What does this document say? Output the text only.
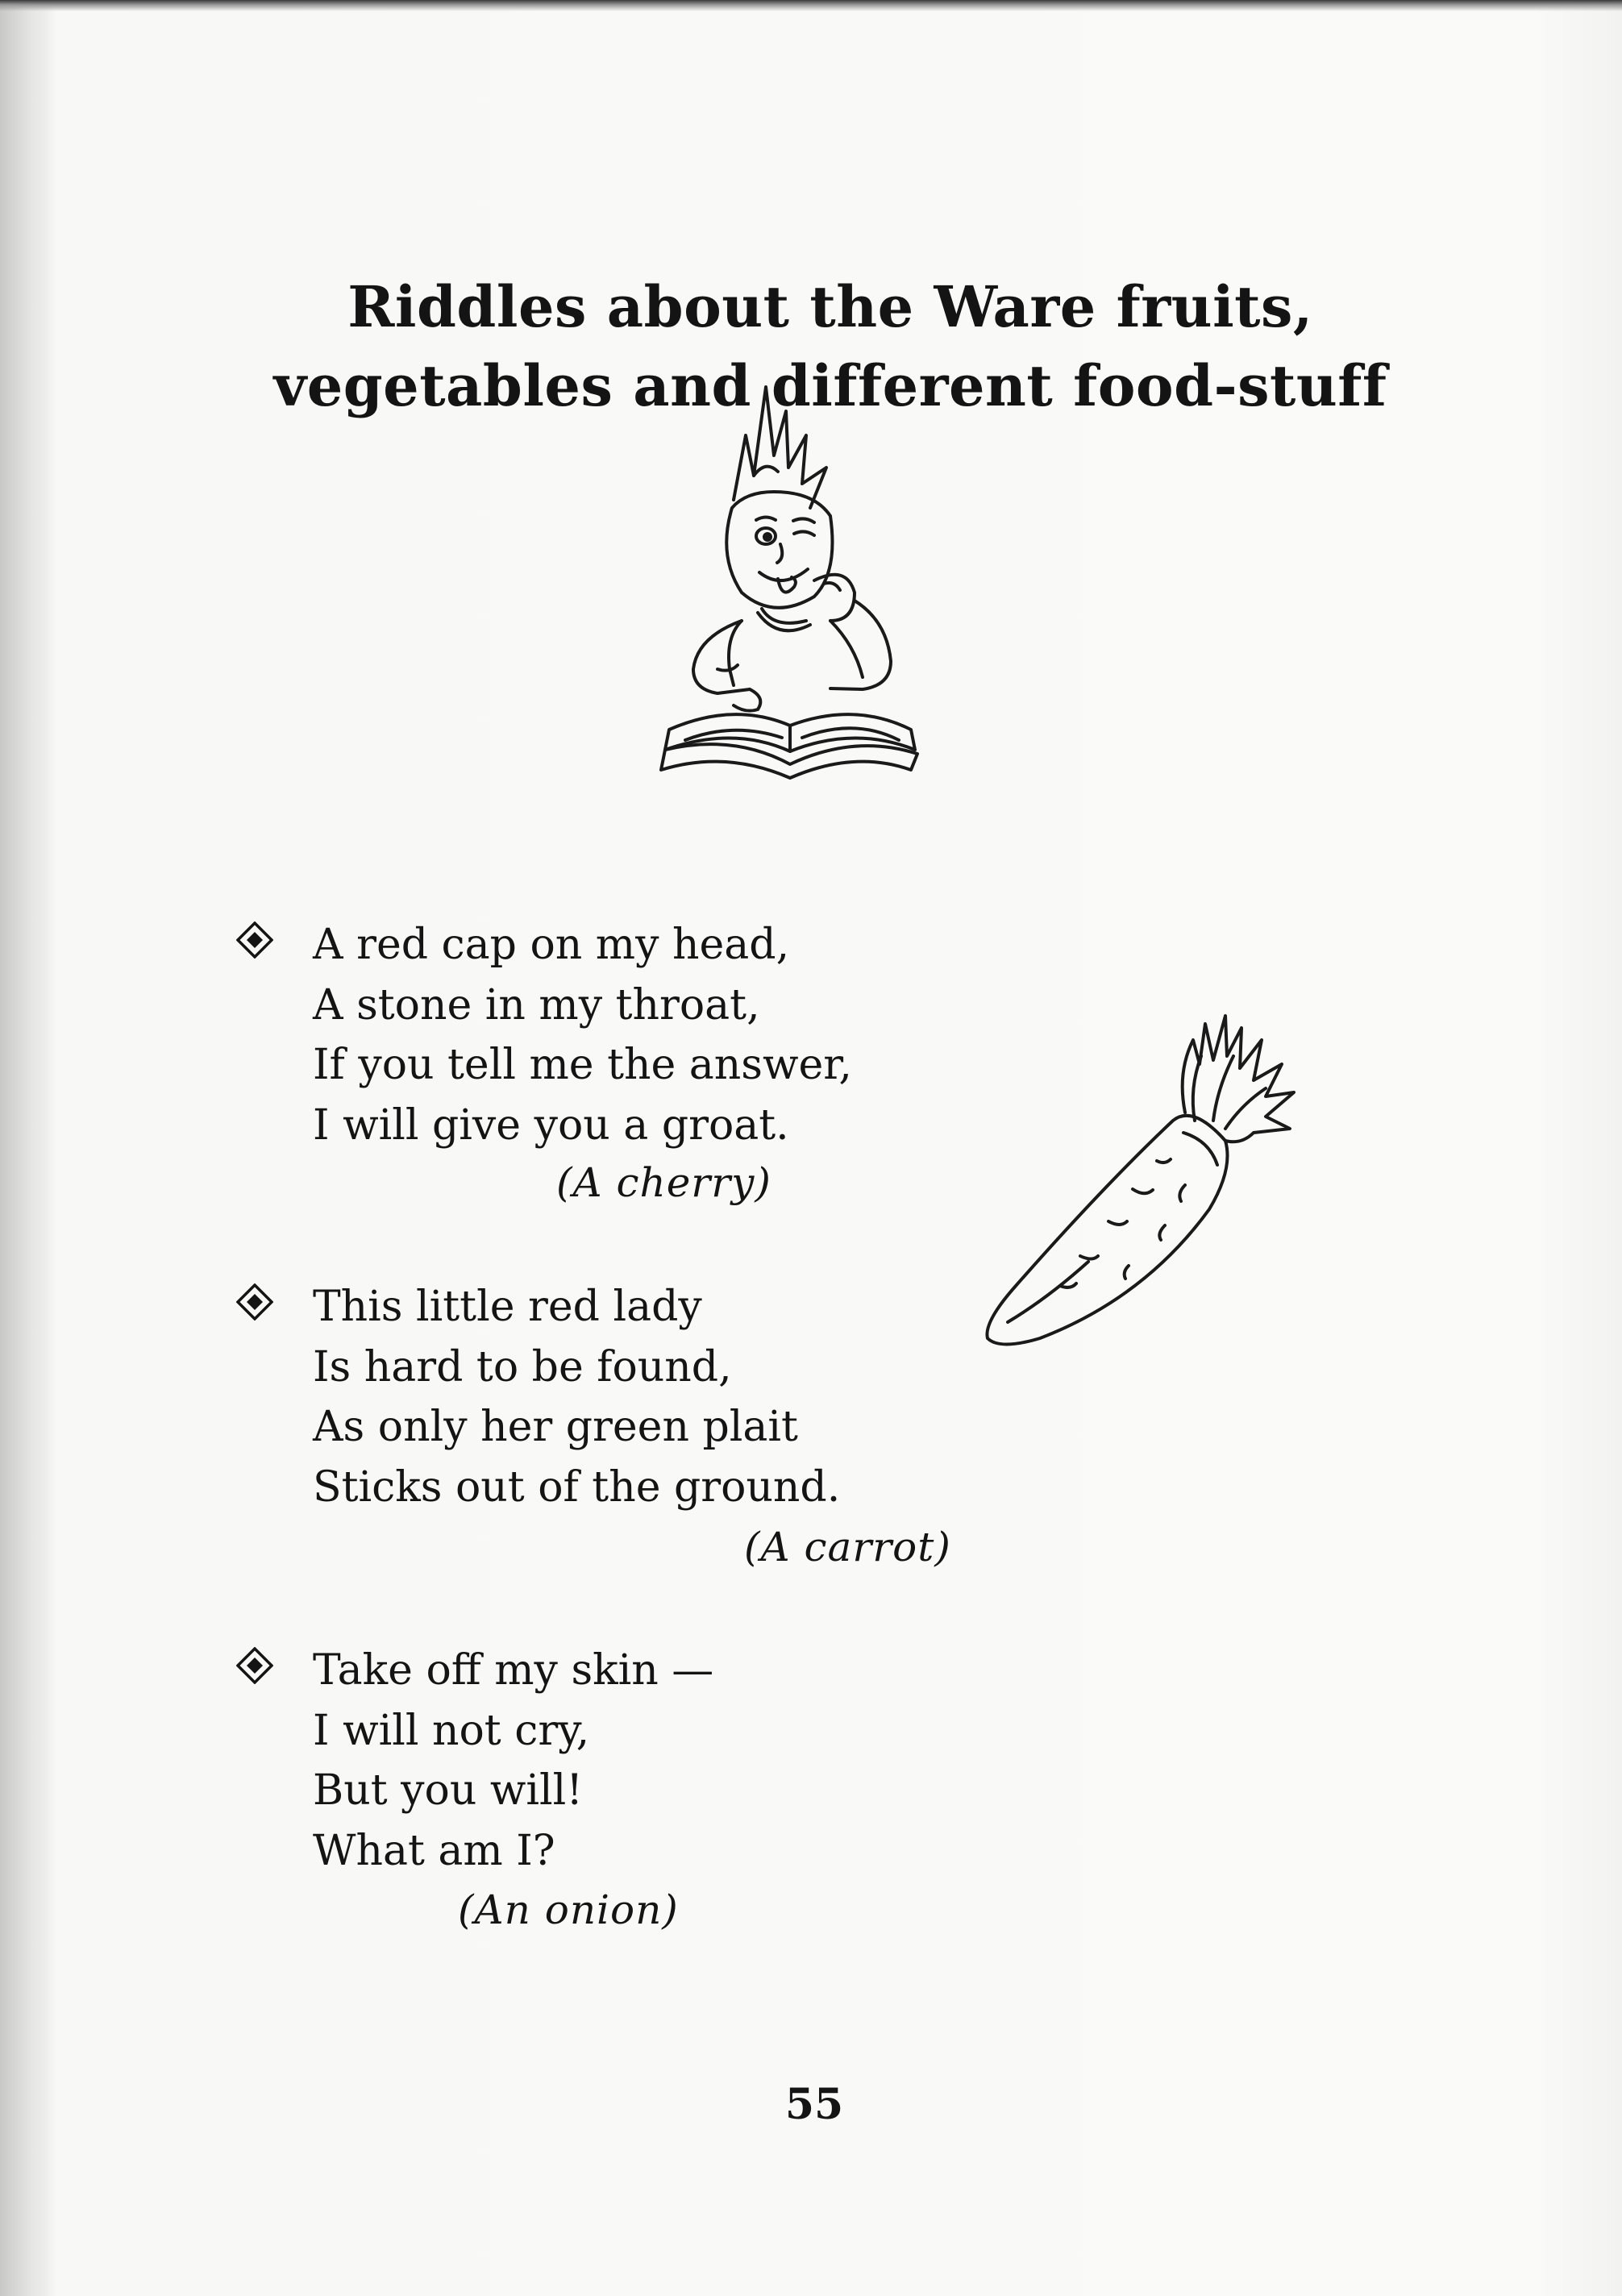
Riddles about the Ware fruits,
vegetables and different food-stuff
A red cap on my head,
A stone in my throat,
If you tell me the answer,
I will give you a groat.
(A cherry)
This little red lady
Is hard to be found,
As only her green plait
Sticks out of the ground.
(A carrot)
Take off my skin —
I will not cry,
But you will!
What am I?
(An onion)
55
